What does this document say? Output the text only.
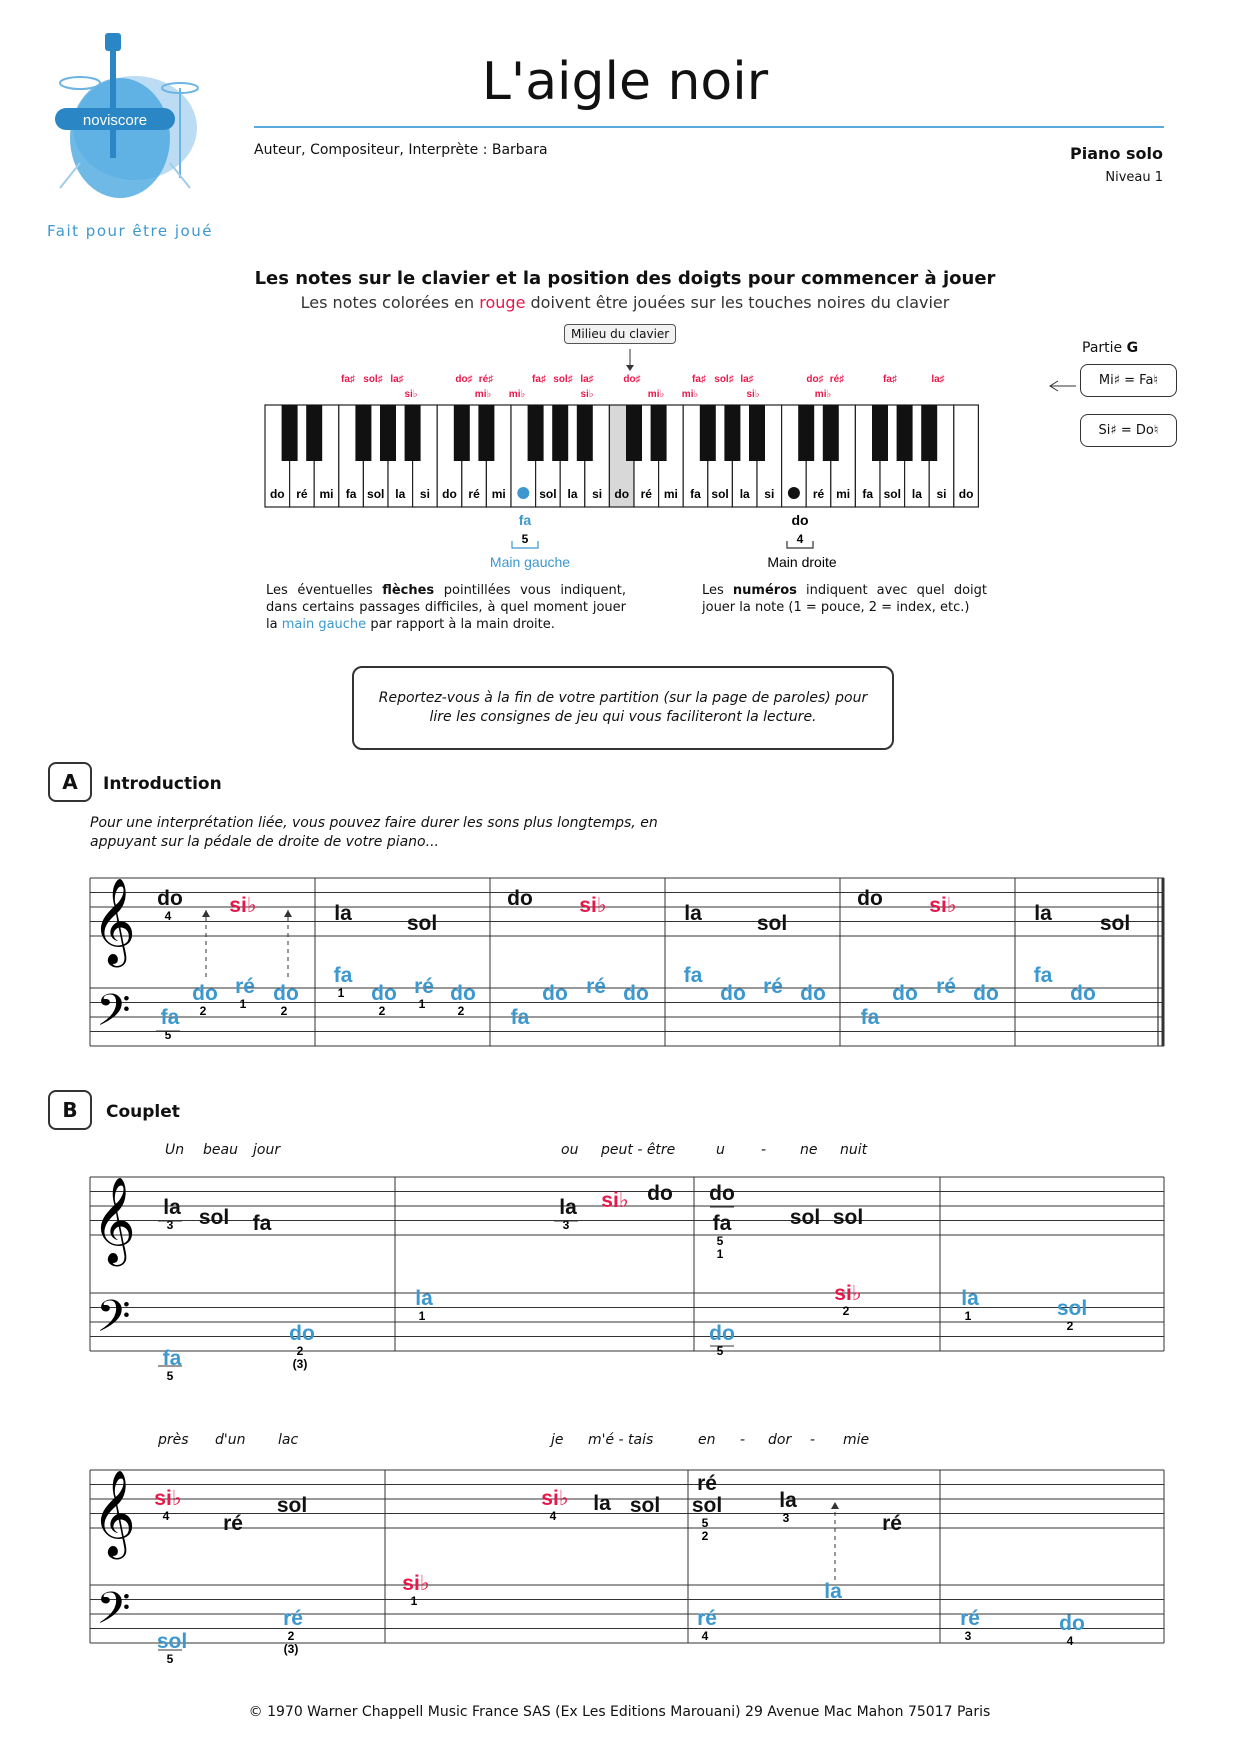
noviscore
Fait pour être joué
L'aigle noir
Auteur, Compositeur, Interprète : Barbara	Piano solo
Niveau 1
Les notes sur le clavier et la position des doigts pour commencer à jouer
Les notes colorées en rouge doivent être jouées sur les touches noires du clavier
Milieu du clavier
fa♯ sol♯ la♯	do♯ ré♯	fa♯ sol♯ la♯	do♯	fa♯ sol♯ la♯	do♯ ré♯	fa♯	la♯
si♭	mi♭ mi♭	si♭	mi♭ mi♭	si♭	mi♭
do ré mi fa sol la si do ré mi	sol la si do ré mi fa sol la si	ré mi fa sol la si do
fa
5
Main gauche
do
4
Main droite
Partie G
Mi♯ = Fa♮
Si♯ = Do♮
Les éventuelles flèches pointillées vous indiquent, dans certains passages difficiles, à quel moment jouer la main gauche par rapport à la main droite.
Les numéros indiquent avec quel doigt jouer la note (1 = pouce, 2 = index, etc.)
Reportez-vous à la fin de votre partition (sur la page de paroles) pour lire les consignes de jeu qui vous faciliteront la lecture.
A	Introduction
Pour une interprétation liée, vous pouvez faire durer les sons plus longtemps, en appuyant sur la pédale de droite de votre piano...
𝄞
𝄢
do
4	si♭	la	sol
do si♭	la	sol
do si♭	la sol
fa
5
do
2
ré
1 do
2
fa
1 do
2
ré
1 do
2 fa
do ré do
fa
do ré do
fa
do ré do
fa
do
𝄞
𝄢
la
3 sol fa
la
3
si♭ do do
fa
5
1
sol sol
fa
5
do
2
(3)
la
1
do
5
si♭
2
la
1	sol
2
𝄞
𝄢
si♭
4	ré
sol	si♭
4
la sol
ré
sol
5
2
la
3	ré
sol
5
ré
2
(3)
si♭
1
ré
4
la
ré
3
do
4
B	Couplet
Un beau jour	ou peut - être	u	- ne nuit
près d'un lac	je m'é - tais	en - dor - mie
© 1970 Warner Chappell Music France SAS (Ex Les Editions Marouani) 29 Avenue Mac Mahon 75017 Paris
